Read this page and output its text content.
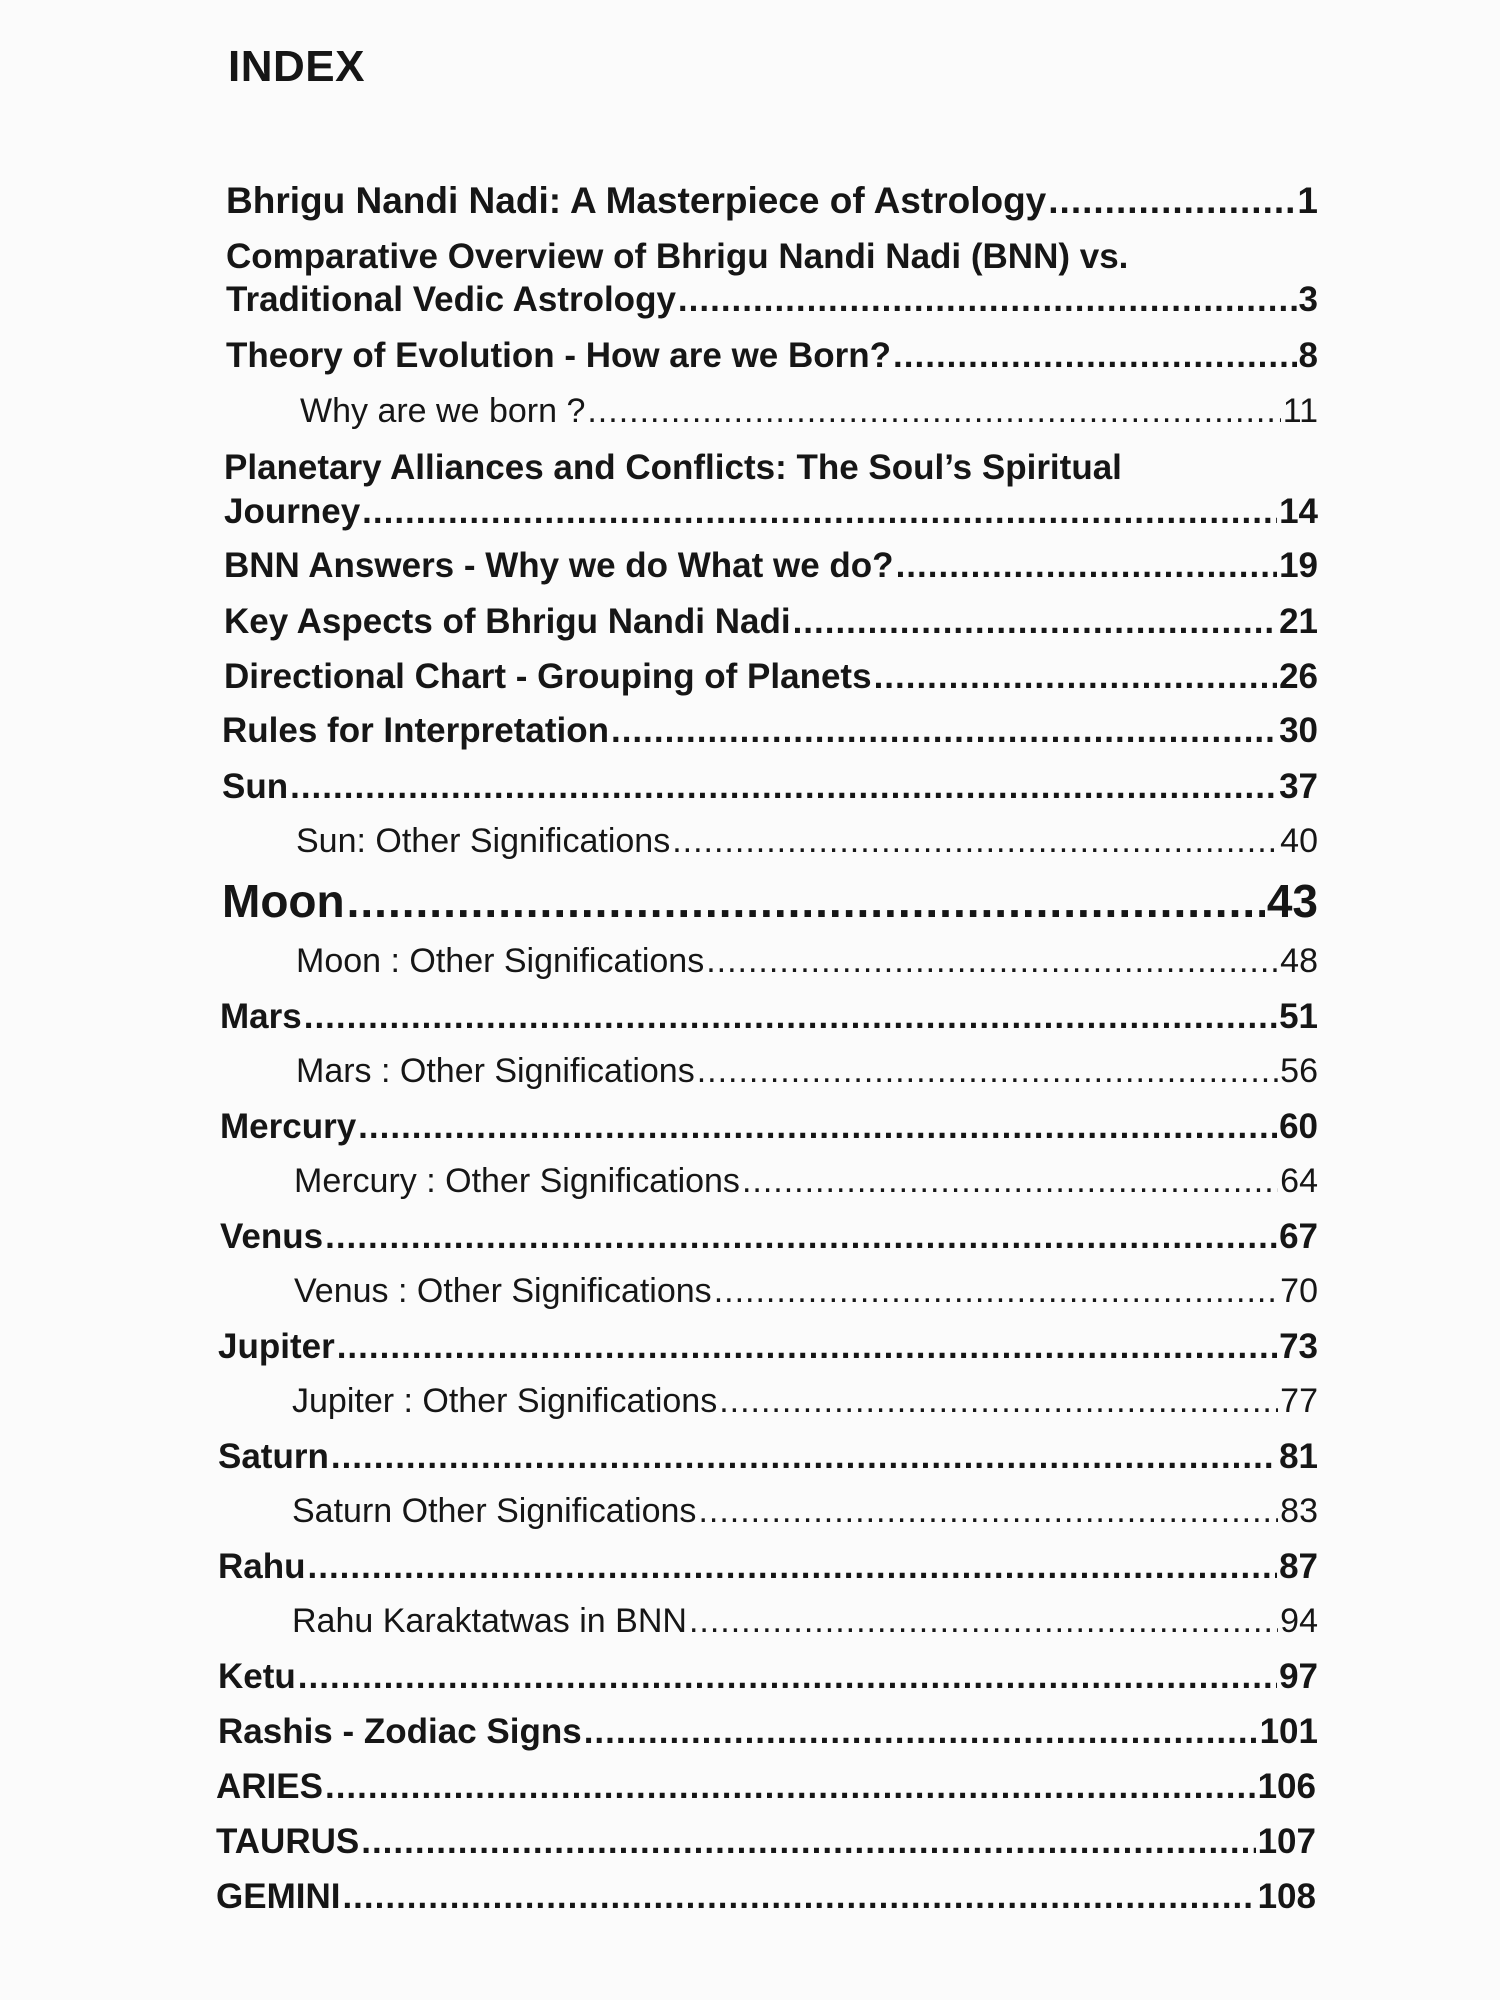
INDEX
Bhrigu Nandi Nadi: A Masterpiece of Astrology .....	1
Comparative Overview of Bhrigu Nandi Nadi (BNN) vs.
Traditional Vedic Astrology .....	3
Theory of Evolution - How are we Born? .....	8
Why are we born ? .....	11
Planetary Alliances and Conflicts: The Soul’s Spiritual
Journey .....	14
BNN Answers - Why we do What we do? .....	19
Key Aspects of Bhrigu Nandi Nadi .....	21
Directional Chart - Grouping of Planets .....	26
Rules for Interpretation .....	30
Sun .....	37
Sun: Other Significations .....	40
Moon .....	43
Moon : Other Significations .....	48
Mars .....	51
Mars : Other Significations .....	56
Mercury .....	60
Mercury : Other Significations .....	64
Venus .....	67
Venus : Other Significations .....	70
Jupiter .....	73
Jupiter : Other Significations .....	77
Saturn .....	81
Saturn Other Significations .....	83
Rahu .....	87
Rahu Karaktatwas in BNN .....	94
Ketu .....	97
Rashis - Zodiac Signs .....	101
ARIES .....	106
TAURUS .....	107
GEMINI .....	108
